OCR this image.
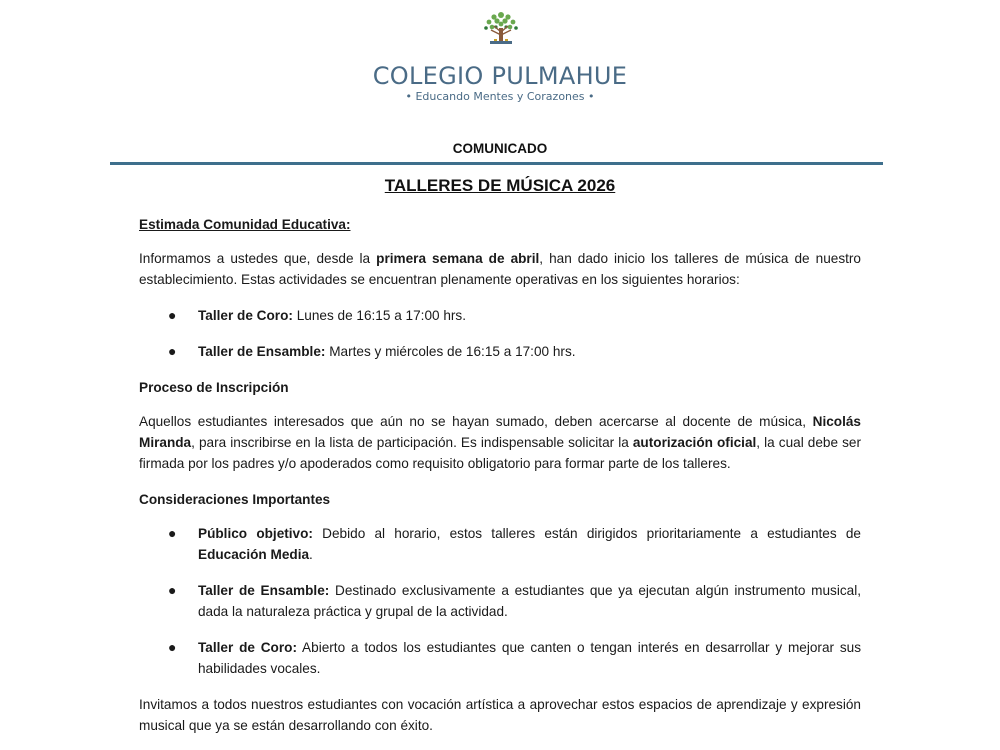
COLEGIO PULMAHUE
• Educando Mentes y Corazones •
COMUNICADO
TALLERES DE MÚSICA 2026

Estimada Comunidad Educativa:

Informamos a ustedes que, desde la primera semana de abril, han dado inicio los talleres de música de nuestro establecimiento. Estas actividades se encuentran plenamente operativas en los siguientes horarios:

● Taller de Coro: Lunes de 16:15 a 17:00 hrs.
● Taller de Ensamble: Martes y miércoles de 16:15 a 17:00 hrs.

Proceso de Inscripción

Aquellos estudiantes interesados que aún no se hayan sumado, deben acercarse al docente de música, Nicolás Miranda, para inscribirse en la lista de participación. Es indispensable solicitar la autorización oficial, la cual debe ser firmada por los padres y/o apoderados como requisito obligatorio para formar parte de los talleres.

Consideraciones Importantes

● Público objetivo: Debido al horario, estos talleres están dirigidos prioritariamente a estudiantes de Educación Media.
● Taller de Ensamble: Destinado exclusivamente a estudiantes que ya ejecutan algún instrumento musical, dada la naturaleza práctica y grupal de la actividad.
● Taller de Coro: Abierto a todos los estudiantes que canten o tengan interés en desarrollar y mejorar sus habilidades vocales.

Invitamos a todos nuestros estudiantes con vocación artística a aprovechar estos espacios de aprendizaje y expresión musical que ya se están desarrollando con éxito.
